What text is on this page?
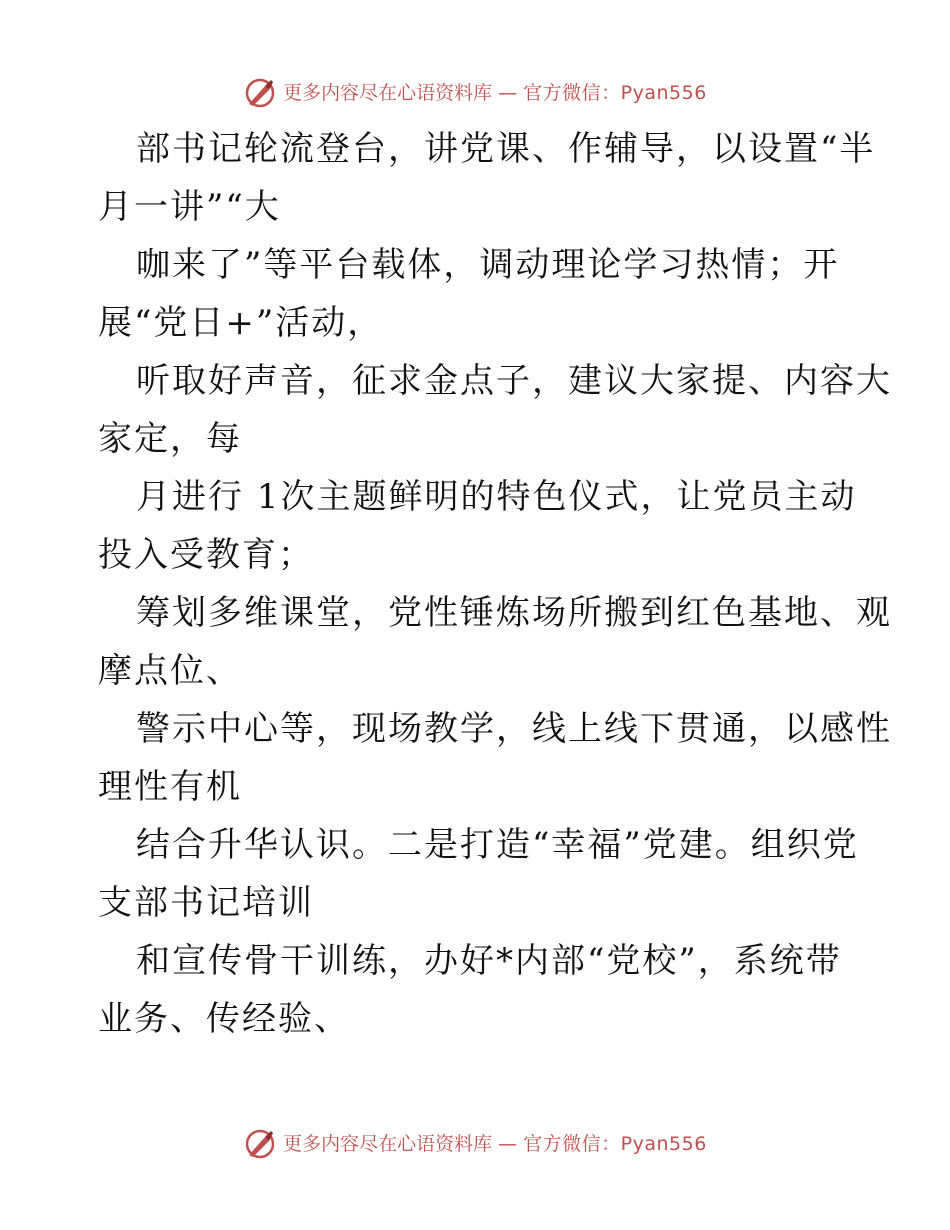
更多内容尽在心语资料库 — 官方微信：Pyan556
部书记轮流登台，讲党课、作辅导，以设置“半
月一讲”“大
咖来了”等平台载体，调动理论学习热情；开
展“党日+”活动，
听取好声音，征求金点子，建议大家提、内容大
家定，每
月进行 1次主题鲜明的特色仪式，让党员主动
投入受教育；
筹划多维课堂，党性锤炼场所搬到红色基地、观
摩点位、
警示中心等，现场教学，线上线下贯通，以感性
理性有机
结合升华认识。二是打造“幸福”党建。组织党
支部书记培训
和宣传骨干训练，办好*内部“党校”，系统带
业务、传经验、
更多内容尽在心语资料库 — 官方微信：Pyan556
